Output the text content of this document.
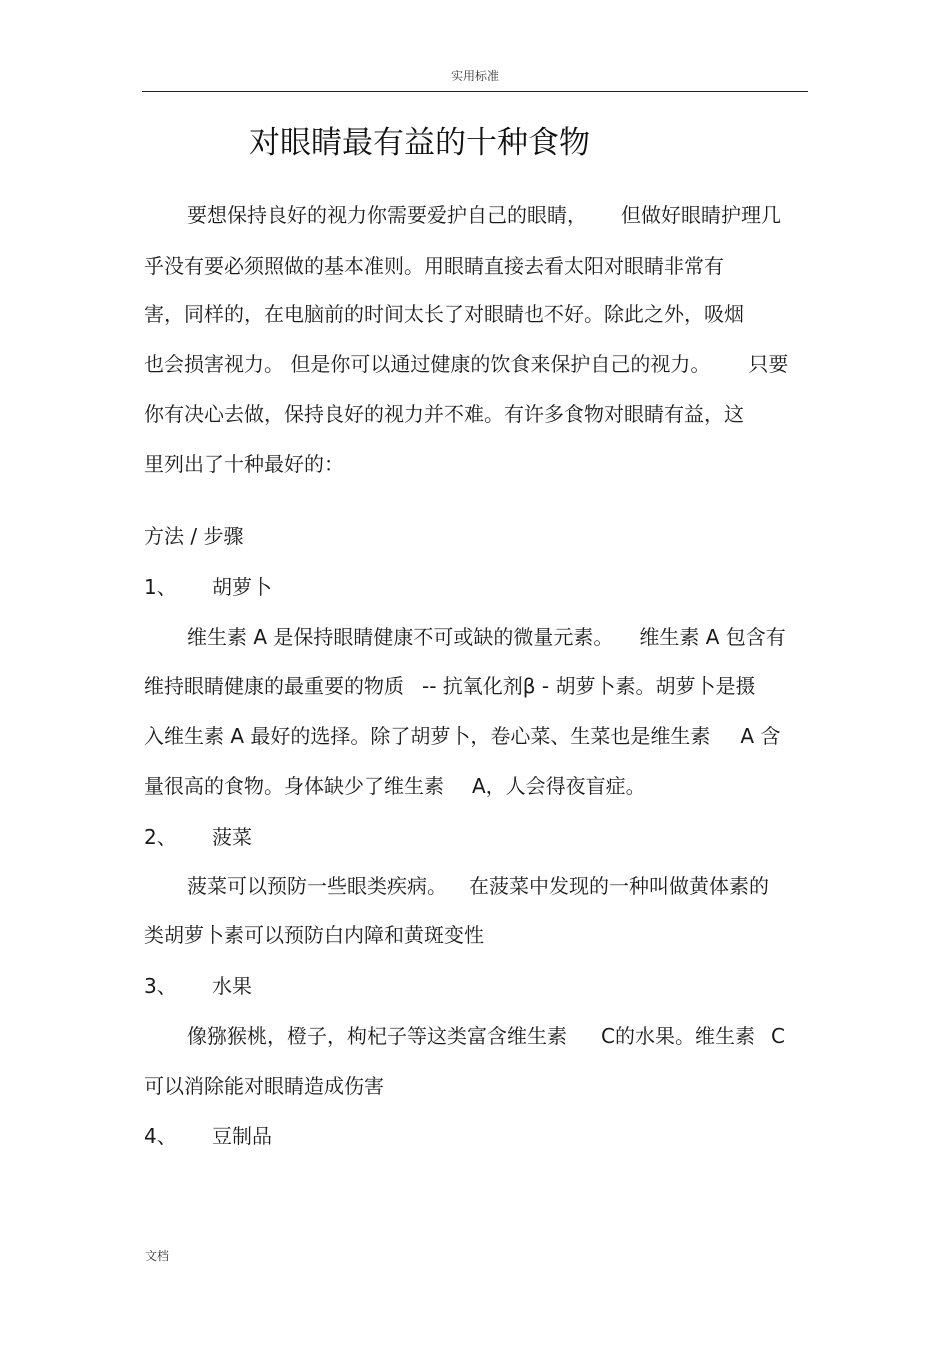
实用标准
对眼睛最有益的十种食物
要想保持良好的视力你需要爱护自己的眼睛， 但做好眼睛护理几
乎没有要必须照做的基本准则。用眼睛直接去看太阳对眼睛非常有
害，同样的，在电脑前的时间太长了对眼睛也不好。除此之外，吸烟
也会损害视力。 但是你可以通过健康的饮食来保护自己的视力。 只要
你有决心去做，保持良好的视力并不难。有许多食物对眼睛有益，这
里列出了十种最好的：
方法 / 步骤
1、 胡萝卜
维生素 A 是保持眼睛健康不可或缺的微量元素。 维生素 A 包含有
维持眼睛健康的最重要的物质 -- 抗氧化剂β - 胡萝卜素。胡萝卜是摄
入维生素 A 最好的选择。除了胡萝卜，卷心菜、生菜也是维生素 A 含
量很高的食物。身体缺少了维生素 A，人会得夜盲症。
2、 菠菜
菠菜可以预防一些眼类疾病。 在菠菜中发现的一种叫做黄体素的
类胡萝卜素可以预防白内障和黄斑变性
3、 水果
像猕猴桃，橙子，枸杞子等这类富含维生素 C的水果。维生素 C
可以消除能对眼睛造成伤害
4、 豆制品
文档
